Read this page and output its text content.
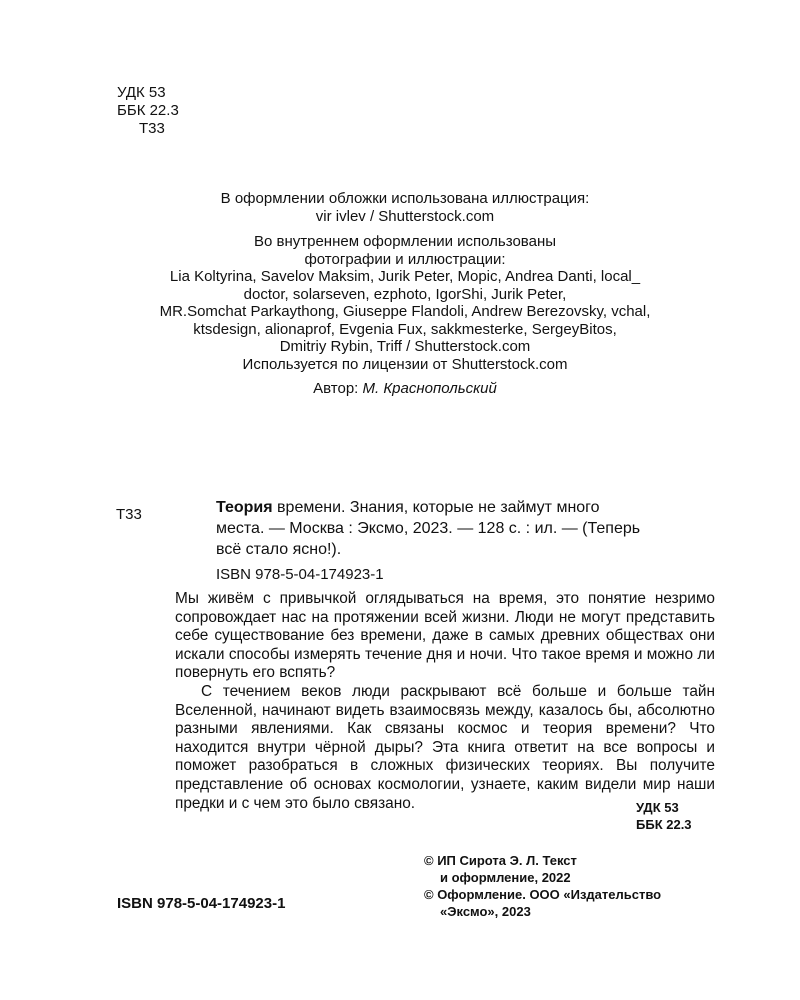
УДК 53
ББК 22.3
Т33
В оформлении обложки использована иллюстрация:
vir ivlev / Shutterstock.com
Во внутреннем оформлении использованы
фотографии и иллюстрации:
Lia Koltyrina, Savelov Maksim, Jurik Peter, Mopic, Andrea Danti, local_
doctor, solarseven, ezphoto, IgorShi, Jurik Peter,
MR.Somchat Parkaythong, Giuseppe Flandoli, Andrew Berezovsky, vchal,
ktsdesign, alionaprof, Evgenia Fux, sakkmesterke, SergeyBitos,
Dmitriy Rybin, Triff / Shutterstock.com
Используется по лицензии от Shutterstock.com
Автор: М. Краснопольский
Т33	Теория времени. Знания, которые не займут много
места. — Москва : Эксмо, 2023. — 128 с. : ил. — (Теперь
всё стало ясно!).
ISBN 978-5-04-174923-1

Мы живём с привычкой оглядываться на время, это понятие незримо сопровождает нас на протяжении всей жизни. Люди не могут представить себе существование без времени, даже в самых древних обществах они искали способы измерять течение дня и ночи. Что такое время и можно ли повернуть его вспять?

С течением веков люди раскрывают всё больше и больше тайн Вселенной, начинают видеть взаимосвязь между, казалось бы, абсолютно разными явлениями. Как связаны космос и теория времени? Что находится внутри чёрной дыры? Эта книга ответит на все вопросы и поможет разобраться в сложных физических теориях. Вы получите представление об основах космологии, узнаете, каким видели мир наши предки и с чем это было связано.	УДК 53
ББК 22.3
© ИП Сирота Э. Л. Текст
и оформление, 2022
© Оформление. ООО «Издательство
«Эксмо», 2023
ISBN 978-5-04-174923-1
